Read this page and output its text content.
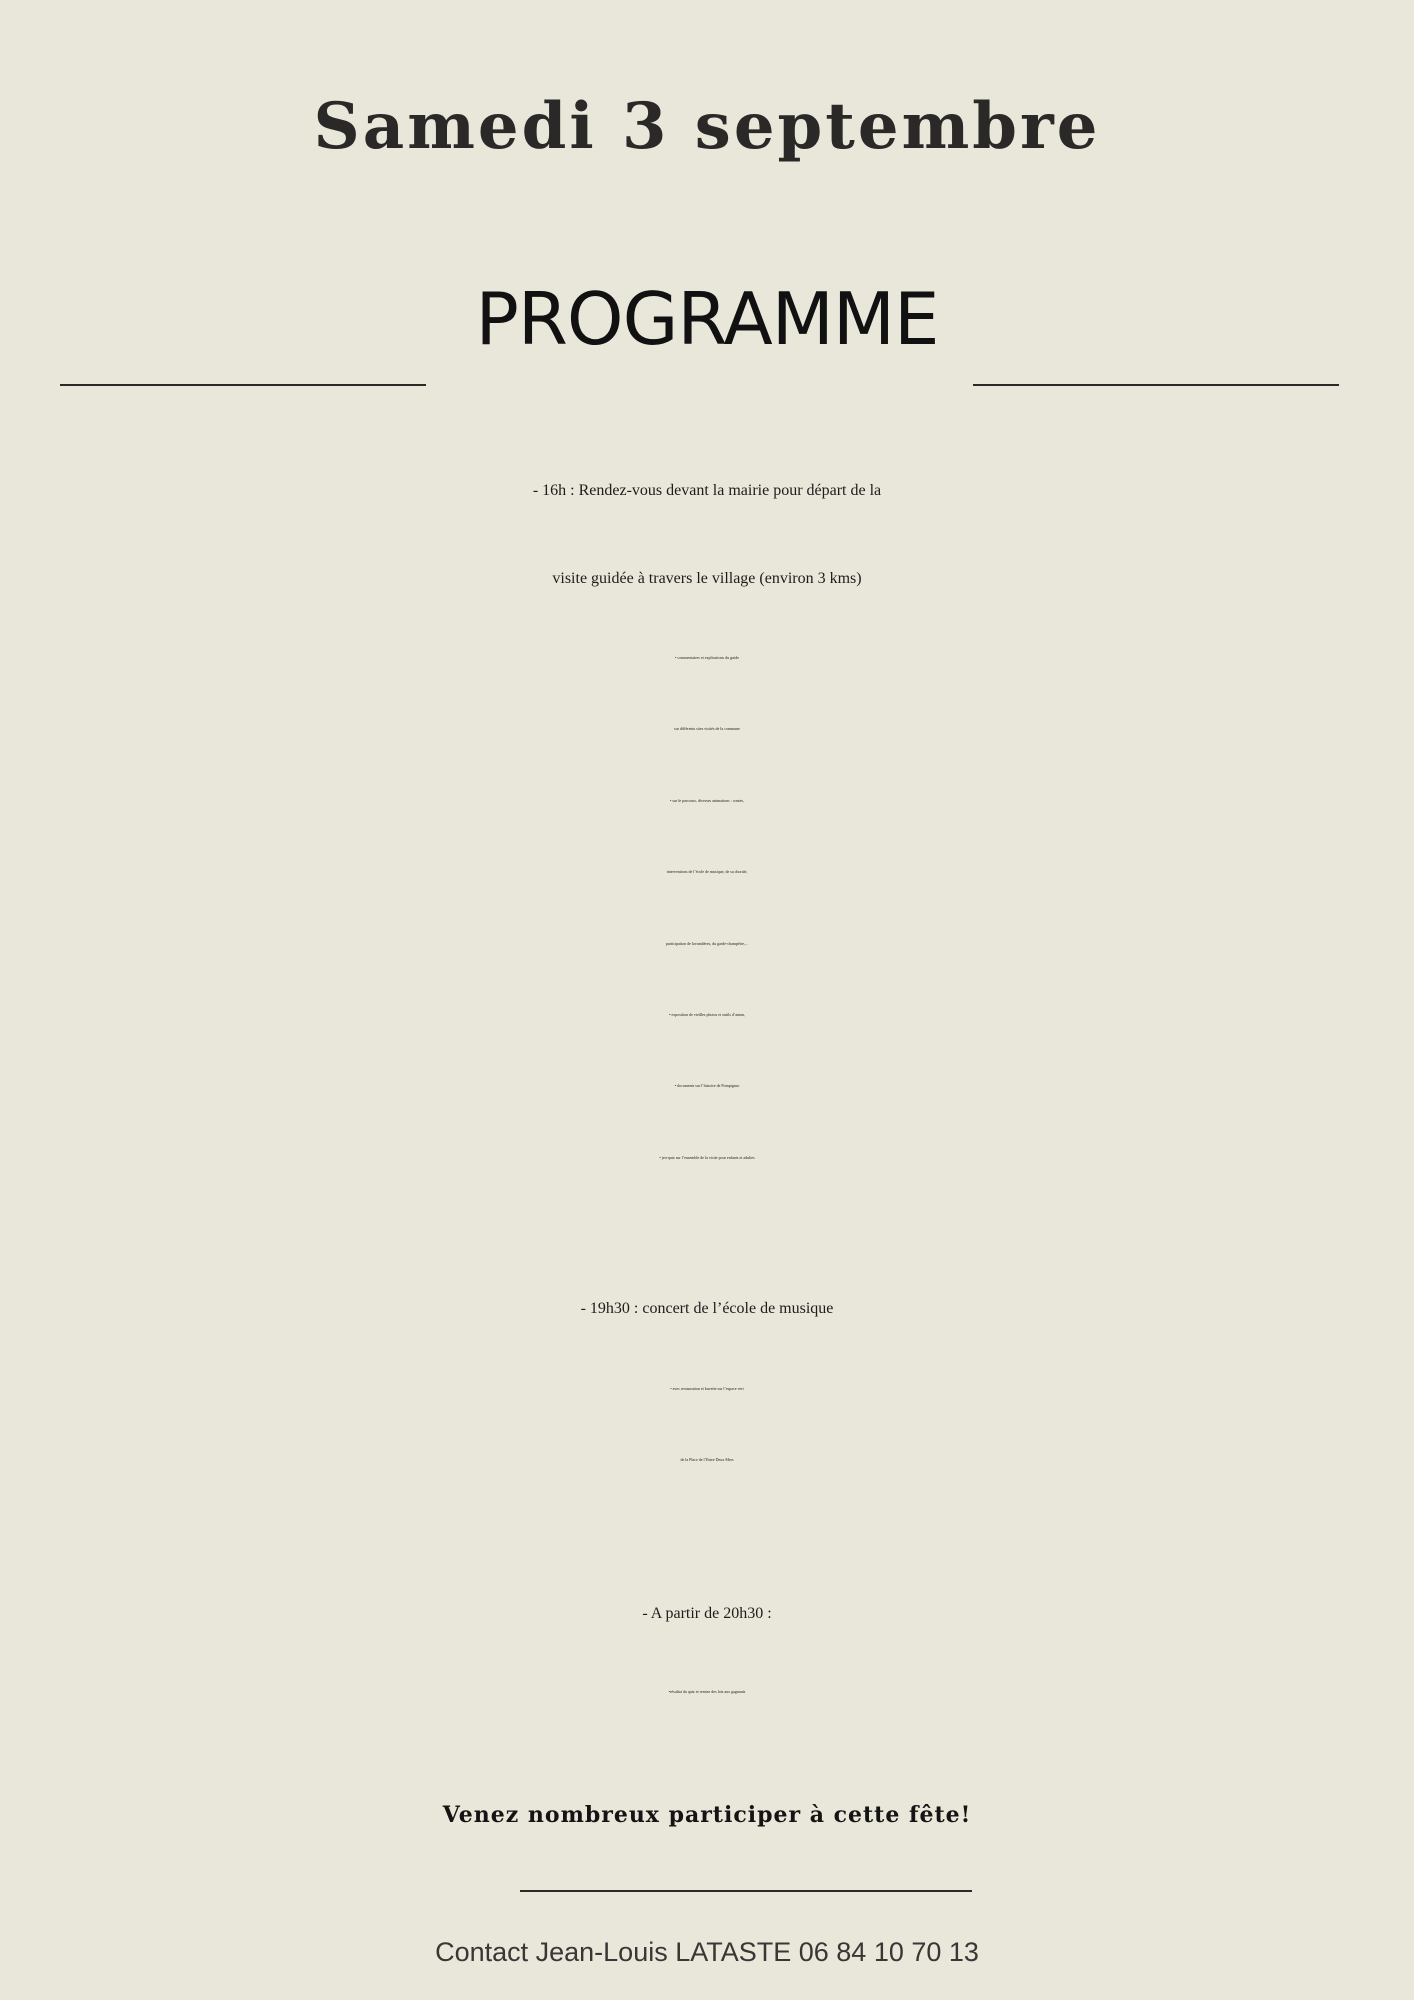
Samedi 3 septembre
PROGRAMME
- 16h : Rendez-vous devant la mairie pour départ de la
visite guidée à travers le village (environ 3 kms)
• commentaires et explications du guide
sur différents sites visités de la commune
• sur le parcours, diverses animations : contes,
interventions de l’école de musique, de sa chorale,
participation de lavandières, du garde-champêtre,...
• exposition de vieilles photos et outils d’antan,
• documents sur l’histoire de Pompignac
• jeu-quiz sur l’ensemble de la visite pour enfants et adultes
- 19h30 : concert de l’école de musique
• avec restauration et buvette sur l’espace vert
de la Place de l’Entre Deux Mers
- A partir de 20h30 :
•résultat du quiz et remise des lots aux gagnants
Venez nombreux participer à cette fête!
Contact Jean-Louis LATASTE 06 84 10 70 13
